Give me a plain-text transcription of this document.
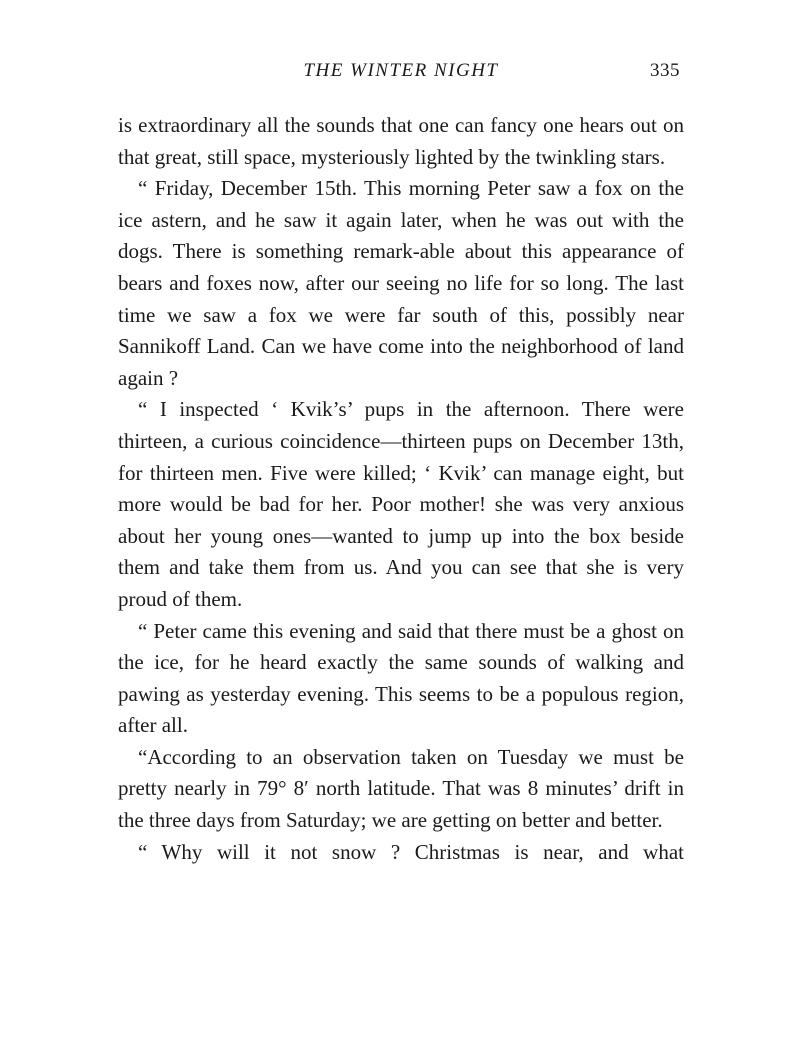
THE WINTER NIGHT	335

is extraordinary all the sounds that one can fancy one hears out on that great, still space, mysteriously lighted by the twinkling stars.

“ Friday, December 15th. This morning Peter saw a fox on the ice astern, and he saw it again later, when he was out with the dogs. There is something remark-able about this appearance of bears and foxes now, after our seeing no life for so long. The last time we saw a fox we were far south of this, possibly near Sannikoff Land. Can we have come into the neighborhood of land again ?

“ I inspected ‘ Kvik’s’ pups in the afternoon. There were thirteen, a curious coincidence—thirteen pups on December 13th, for thirteen men. Five were killed; ‘ Kvik’ can manage eight, but more would be bad for her. Poor mother! she was very anxious about her young ones—wanted to jump up into the box beside them and take them from us. And you can see that she is very proud of them.

“ Peter came this evening and said that there must be a ghost on the ice, for he heard exactly the same sounds of walking and pawing as yesterday evening. This seems to be a populous region, after all.

“According to an observation taken on Tuesday we must be pretty nearly in 79° 8′ north latitude. That was 8 minutes’ drift in the three days from Saturday; we are getting on better and better.

“ Why will it not snow ? Christmas is near, and what
